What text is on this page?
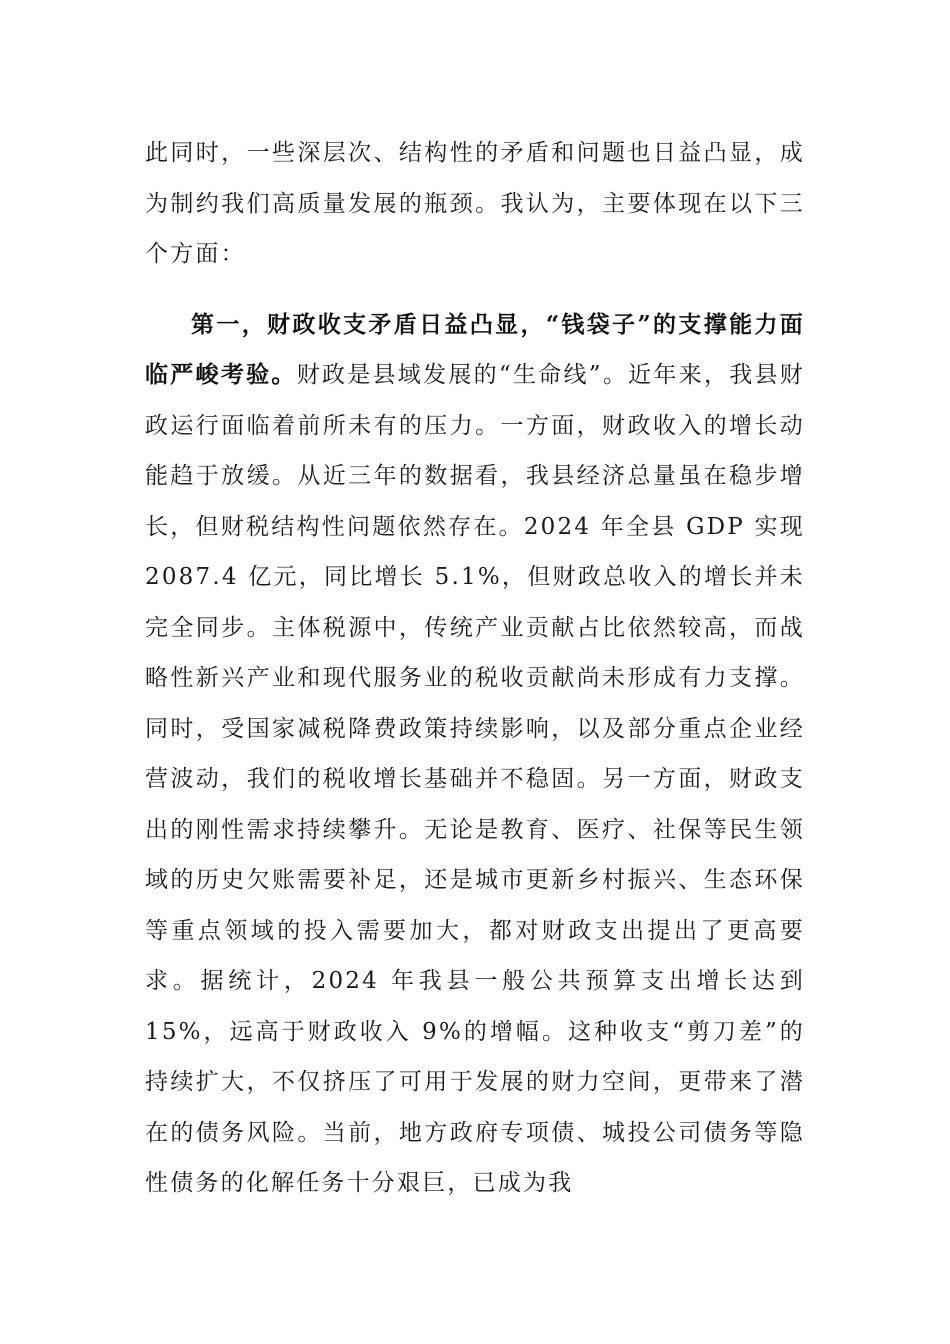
此同时，一些深层次、结构性的矛盾和问题也日益凸显，成为制约我们高质量发展的瓶颈。我认为，主要体现在以下三个方面：

第一，财政收支矛盾日益凸显，“钱袋子”的支撑能力面临严峻考验。财政是县域发展的“生命线”。近年来，我县财政运行面临着前所未有的压力。一方面，财政收入的增长动能趋于放缓。从近三年的数据看，我县经济总量虽在稳步增长，但财税结构性问题依然存在。2024 年全县 GDP 实现 2087.4 亿元，同比增长 5.1%，但财政总收入的增长并未完全同步。主体税源中，传统产业贡献占比依然较高，而战略性新兴产业和现代服务业的税收贡献尚未形成有力支撑。同时，受国家减税降费政策持续影响，以及部分重点企业经营波动，我们的税收增长基础并不稳固。另一方面，财政支出的刚性需求持续攀升。无论是教育、医疗、社保等民生领域的历史欠账需要补足，还是城市更新乡村振兴、生态环保等重点领域的投入需要加大，都对财政支出提出了更高要求。据统计，2024 年我县一般公共预算支出增长达到 15%，远高于财政收入 9%的增幅。这种收支“剪刀差”的持续扩大，不仅挤压了可用于发展的财力空间，更带来了潜在的债务风险。当前，地方政府专项债、城投公司债务等隐性债务的化解任务十分艰巨，已成为我
